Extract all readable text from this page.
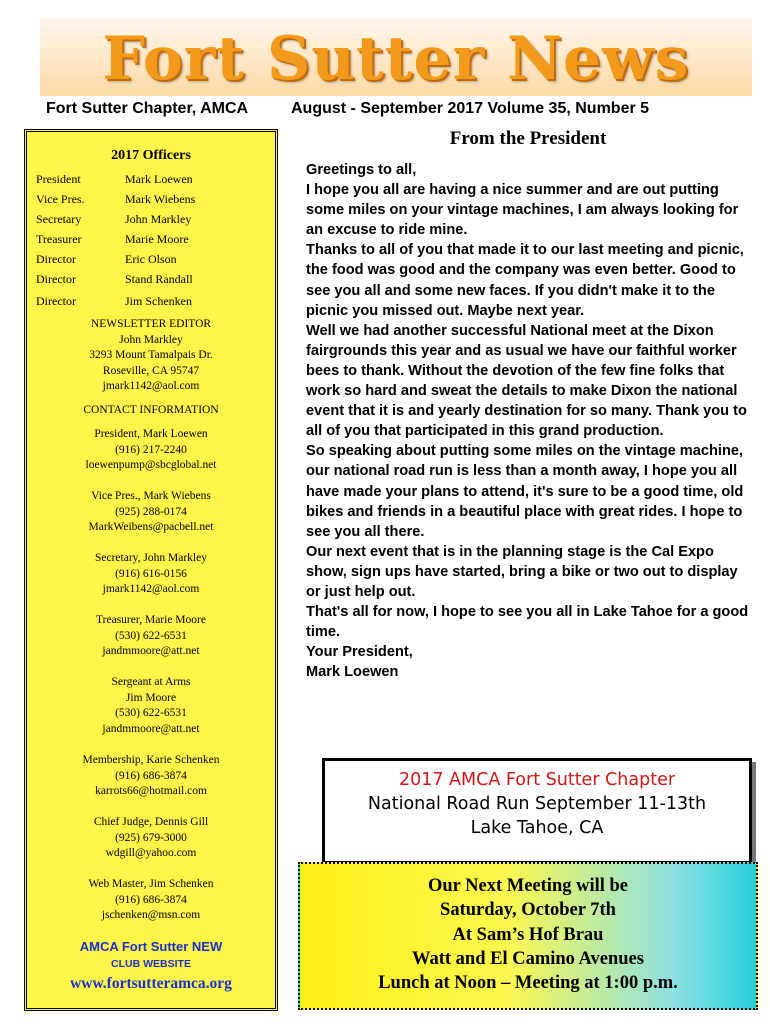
Fort Sutter News
Fort Sutter Chapter, AMCA	August - September 2017 Volume 35, Number 5
2017 Officers
President	Mark Loewen
Vice Pres.	Mark Wiebens
Secretary	John Markley
Treasurer	Marie Moore
Director	Eric Olson
Director	Stand Randall
Director	Jim Schenken
NEWSLETTER EDITOR
John Markley
3293 Mount Tamalpais Dr.
Roseville, CA 95747
jmark1142@aol.com
CONTACT INFORMATION
President, Mark Loewen
(916) 217-2240
loewenpump@sbcglobal.net
Vice Pres., Mark Wiebens
(925) 288-0174
MarkWeibens@pacbell.net
Secretary, John Markley
(916) 616-0156
jmark1142@aol.com
Treasurer, Marie Moore
(530) 622-6531
jandmmoore@att.net
Sergeant at Arms
Jim Moore
(530) 622-6531
jandmmoore@att.net
Membership, Karie Schenken
(916) 686-3874
karrots66@hotmail.com
Chief Judge, Dennis Gill
(925) 679-3000
wdgill@yahoo.com
Web Master, Jim Schenken
(916) 686-3874
jschenken@msn.com
AMCA Fort Sutter NEW
CLUB WEBSITE
www.fortsutteramca.org
From the President

Greetings to all,

I hope you all are having a nice summer and are out putting some miles on your vintage machines, I am always looking for an excuse to ride mine.

Thanks to all of you that made it to our last meeting and picnic, the food was good and the company was even better. Good to see you all and some new faces. If you didn't make it to the picnic you missed out. Maybe next year.

Well we had another successful National meet at the Dixon fairgrounds this year and as usual we have our faithful worker bees to thank. Without the devotion of the few fine folks that work so hard and sweat the details to make Dixon the national event that it is and yearly destination for so many. Thank you to all of you that participated in this grand production.

So speaking about putting some miles on the vintage machine, our national road run is less than a month away, I hope you all have made your plans to attend, it's sure to be a good time, old bikes and friends in a beautiful place with great rides. I hope to see you all there.

Our next event that is in the planning stage is the Cal Expo show, sign ups have started, bring a bike or two out to display or just help out.

That's all for now, I hope to see you all in Lake Tahoe for a good time.

Your President,

Mark Loewen

2017 AMCA Fort Sutter Chapter
National Road Run September 11-13th
Lake Tahoe, CA
Our Next Meeting will be
Saturday, October 7th
At Sam’s Hof Brau
Watt and El Camino Avenues
Lunch at Noon – Meeting at 1:00 p.m.
